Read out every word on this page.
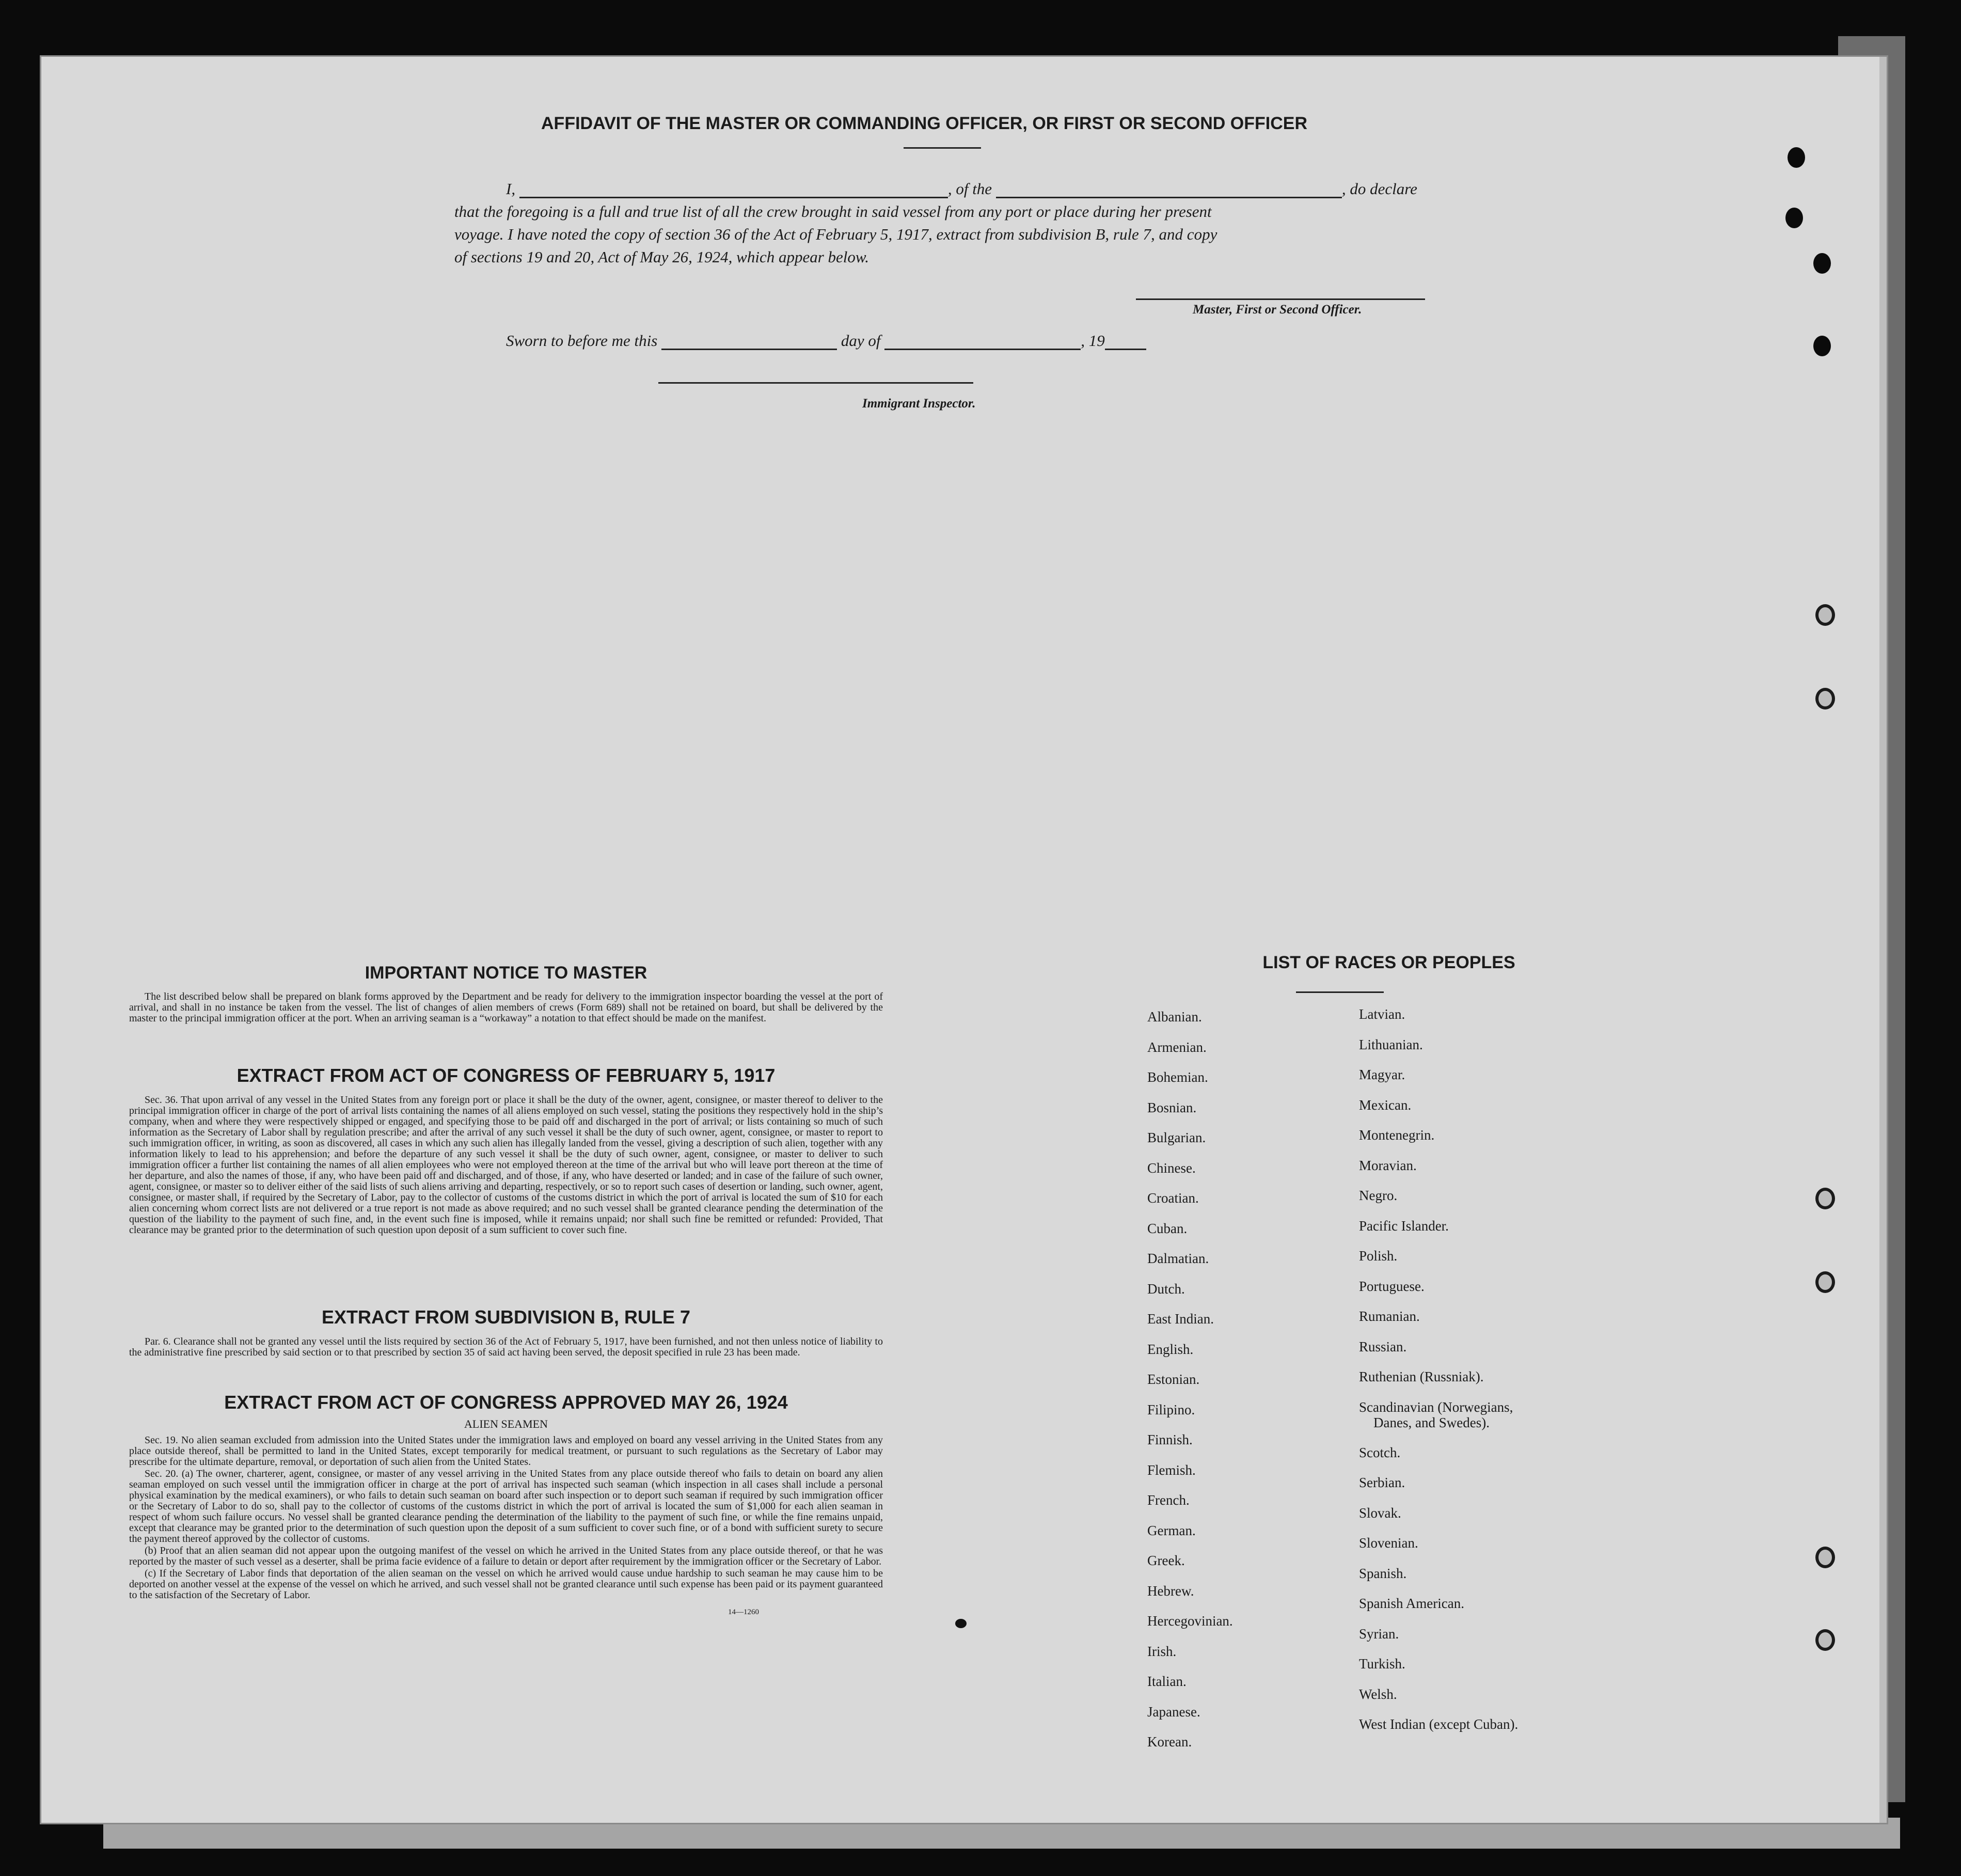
AFFIDAVIT OF THE MASTER OR COMMANDING OFFICER, OR FIRST OR SECOND OFFICER
I,	, of the	, do declare
that the foregoing is a full and true list of all the crew brought in said vessel from any port or place during her present
voyage. I have noted the copy of section 36 of the Act of February 5, 1917, extract from subdivision B, rule 7, and copy
of sections 19 and 20, Act of May 26, 1924, which appear below.
Master, First or Second Officer.
Sworn to before me this	day of	, 19
Immigrant Inspector.
IMPORTANT NOTICE TO MASTER
The list described below shall be prepared on blank forms approved by the Department and be ready for delivery to the immigration inspector boarding the vessel at the port of arrival, and shall in no instance be taken from the vessel. The list of changes of alien members of crews (Form 689) shall not be retained on board, but shall be delivered by the master to the principal immigration officer at the port. When an arriving seaman is a “workaway” a notation to that effect should be made on the manifest.
EXTRACT FROM ACT OF CONGRESS OF FEBRUARY 5, 1917
Sec. 36. That upon arrival of any vessel in the United States from any foreign port or place it shall be the duty of the owner, agent, consignee, or master thereof to deliver to the principal immigration officer in charge of the port of arrival lists containing the names of all aliens employed on such vessel, stating the positions they respectively hold in the ship’s company, when and where they were respectively shipped or engaged, and specifying those to be paid off and discharged in the port of arrival; or lists containing so much of such information as the Secretary of Labor shall by regulation prescribe; and after the arrival of any such vessel it shall be the duty of such owner, agent, consignee, or master to report to such immigration officer, in writing, as soon as discovered, all cases in which any such alien has illegally landed from the vessel, giving a description of such alien, together with any information likely to lead to his apprehension; and before the departure of any such vessel it shall be the duty of such owner, agent, consignee, or master to deliver to such immigration officer a further list containing the names of all alien employees who were not employed thereon at the time of the arrival but who will leave port thereon at the time of her departure, and also the names of those, if any, who have been paid off and discharged, and of those, if any, who have deserted or landed; and in case of the failure of such owner, agent, consignee, or master so to deliver either of the said lists of such aliens arriving and departing, respectively, or so to report such cases of desertion or landing, such owner, agent, consignee, or master shall, if required by the Secretary of Labor, pay to the collector of customs of the customs district in which the port of arrival is located the sum of $10 for each alien concerning whom correct lists are not delivered or a true report is not made as above required; and no such vessel shall be granted clearance pending the determination of the question of the liability to the payment of such fine, and, in the event such fine is imposed, while it remains unpaid; nor shall such fine be remitted or refunded: Provided, That clearance may be granted prior to the determination of such question upon deposit of a sum sufficient to cover such fine.
EXTRACT FROM SUBDIVISION B, RULE 7
Par. 6. Clearance shall not be granted any vessel until the lists required by section 36 of the Act of February 5, 1917, have been furnished, and not then unless notice of liability to the administrative fine prescribed by said section or to that prescribed by section 35 of said act having been served, the deposit specified in rule 23 has been made.
EXTRACT FROM ACT OF CONGRESS APPROVED MAY 26, 1924
ALIEN SEAMEN
Sec. 19. No alien seaman excluded from admission into the United States under the immigration laws and employed on board any vessel arriving in the United States from any place outside thereof, shall be permitted to land in the United States, except temporarily for medical treatment, or pursuant to such regulations as the Secretary of Labor may prescribe for the ultimate departure, removal, or deportation of such alien from the United States.
Sec. 20. (a) The owner, charterer, agent, consignee, or master of any vessel arriving in the United States from any place outside thereof who fails to detain on board any alien seaman employed on such vessel until the immigration officer in charge at the port of arrival has inspected such seaman (which inspection in all cases shall include a personal physical examination by the medical examiners), or who fails to detain such seaman on board after such inspection or to deport such seaman if required by such immigration officer or the Secretary of Labor to do so, shall pay to the collector of customs of the customs district in which the port of arrival is located the sum of $1,000 for each alien seaman in respect of whom such failure occurs. No vessel shall be granted clearance pending the determination of the liability to the payment of such fine, or while the fine remains unpaid, except that clearance may be granted prior to the determination of such question upon the deposit of a sum sufficient to cover such fine, or of a bond with sufficient surety to secure the payment thereof approved by the collector of customs.
(b) Proof that an alien seaman did not appear upon the outgoing manifest of the vessel on which he arrived in the United States from any place outside thereof, or that he was reported by the master of such vessel as a deserter, shall be prima facie evidence of a failure to detain or deport after requirement by the immigration officer or the Secretary of Labor.
(c) If the Secretary of Labor finds that deportation of the alien seaman on the vessel on which he arrived would cause undue hardship to such seaman he may cause him to be deported on another vessel at the expense of the vessel on which he arrived, and such vessel shall not be granted clearance until such expense has been paid or its payment guaranteed to the satisfaction of the Secretary of Labor.
14—1260
LIST OF RACES OR PEOPLES
Albanian.
Armenian.
Bohemian.
Bosnian.
Bulgarian.
Chinese.
Croatian.
Cuban.
Dalmatian.
Dutch.
East Indian.
English.
Estonian.
Filipino.
Finnish.
Flemish.
French.
German.
Greek.
Hebrew.
Hercegovinian.
Irish.
Italian.
Japanese.
Korean.
Latvian.
Lithuanian.
Magyar.
Mexican.
Montenegrin.
Moravian.
Negro.
Pacific Islander.
Polish.
Portuguese.
Rumanian.
Russian.
Ruthenian (Russniak).
Scandinavian (Norwegians,
Danes, and Swedes).
Scotch.
Serbian.
Slovak.
Slovenian.
Spanish.
Spanish American.
Syrian.
Turkish.
Welsh.
West Indian (except Cuban).
